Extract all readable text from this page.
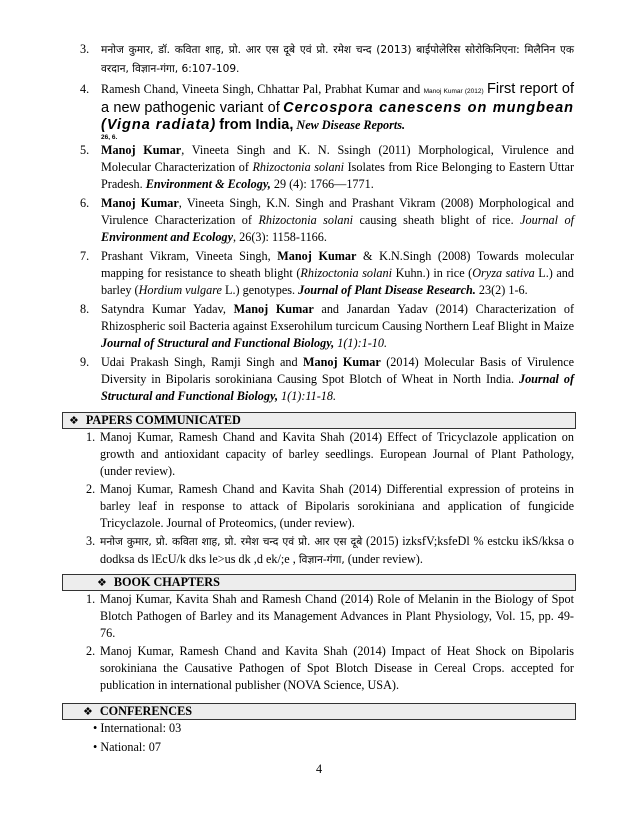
3. मनोज कुमार, डॉ. कविता शाह, प्रो. आर एस दूबे एवं प्रो. रमेश चन्द (2013) बाईपोलेरिस सोरोकिनिएना: मिलैनिन एक वरदान, विज्ञान-गंगा, 6:107-109.
4. Ramesh Chand, Vineeta Singh, Chhattar Pal, Prabhat Kumar and Manoj Kumar (2012) First report of a new pathogenic variant of Cercospora canescens on mungbean (Vigna radiata) from India, New Disease Reports.
26, 6.
5. Manoj Kumar, Vineeta Singh and K. N. Ssingh (2011) Morphological, Virulence and Molecular Characterization of Rhizoctonia solani Isolates from Rice Belonging to Eastern Uttar Pradesh. Environment & Ecology, 29 (4): 1766—1771.
6. Manoj Kumar, Vineeta Singh, K.N. Singh and Prashant Vikram (2008) Morphological and Virulence Characterization of Rhizoctonia solani causing sheath blight of rice. Journal of Environment and Ecology, 26(3): 1158-1166.
7. Prashant Vikram, Vineeta Singh, Manoj Kumar & K.N.Singh (2008) Towards molecular mapping for resistance to sheath blight (Rhizoctonia solani Kuhn.) in rice (Oryza sativa L.) and barley (Hordium vulgare L.) genotypes. Journal of Plant Disease Research. 23(2) 1-6.
8. Satyndra Kumar Yadav, Manoj Kumar and Janardan Yadav (2014) Characterization of Rhizospheric soil Bacteria against Exserohilum turcicum Causing Northern Leaf Blight in Maize Journal of Structural and Functional Biology, 1(1):1-10.
9. Udai Prakash Singh, Ramji Singh and Manoj Kumar (2014) Molecular Basis of Virulence Diversity in Bipolaris sorokiniana Causing Spot Blotch of Wheat in North India. Journal of Structural and Functional Biology, 1(1):11-18.
❖ PAPERS COMMUNICATED
1. Manoj Kumar, Ramesh Chand and Kavita Shah (2014) Effect of Tricyclazole application on growth and antioxidant capacity of barley seedlings. European Journal of Plant Pathology, (under review).
2. Manoj Kumar, Ramesh Chand and Kavita Shah (2014) Differential expression of proteins in barley leaf in response to attack of Bipolaris sorokiniana and application of fungicide Tricyclazole. Journal of Proteomics, (under review).
3. मनोज कुमार, प्रो. कविता शाह, प्रो. रमेश चन्द एवं प्रो. आर एस दूबे (2015) izksfV;ksfeDl % estcku ikS/kksa o dodksa ds lEcU/k dks le>us dk ,d ek/;e , विज्ञान-गंगा, (under review).
❖ BOOK CHAPTERS
1. Manoj Kumar, Kavita Shah and Ramesh Chand (2014) Role of Melanin in the Biology of Spot Blotch Pathogen of Barley and its Management Advances in Plant Physiology, Vol. 15, pp. 49-76.
2. Manoj Kumar, Ramesh Chand and Kavita Shah (2014) Impact of Heat Shock on Bipolaris sorokiniana the Causative Pathogen of Spot Blotch Disease in Cereal Crops. accepted for publication in international publisher (NOVA Science, USA).
❖ CONFERENCES
• International: 03
• National: 07
4
